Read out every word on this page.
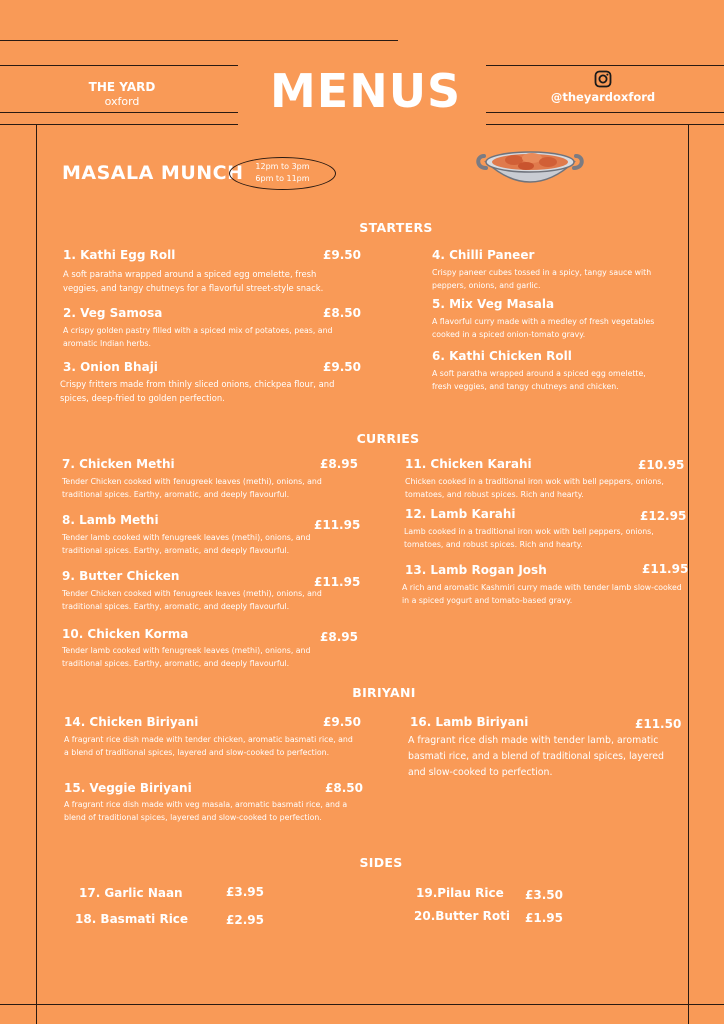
THE YARD
oxford	MENUS	@theyardoxford
MASALA MUNCH	12pm to 3pm
6pm to 11pm
STARTERS
1. Kathi Egg Roll	£9.50
A soft paratha wrapped around a spiced egg omelette, fresh veggies, and tangy chutneys for a flavorful street-style snack.
2. Veg Samosa	£8.50
A crispy golden pastry filled with a spiced mix of potatoes, peas, and aromatic Indian herbs.
3. Onion Bhaji	£9.50
Crispy fritters made from thinly sliced onions, chickpea flour, and spices, deep-fried to golden perfection.
4. Chilli Paneer
Crispy paneer cubes tossed in a spicy, tangy sauce with peppers, onions, and garlic.
5. Mix Veg Masala
A flavorful curry made with a medley of fresh vegetables cooked in a spiced onion-tomato gravy.
6. Kathi Chicken Roll
A soft paratha wrapped around a spiced egg omelette, fresh veggies, and tangy chutneys and chicken.
CURRIES
7. Chicken Methi	£8.95
Tender Chicken cooked with fenugreek leaves (methi), onions, and traditional spices. Earthy, aromatic, and deeply flavourful.
8. Lamb Methi	£11.95
Tender lamb cooked with fenugreek leaves (methi), onions, and traditional spices. Earthy, aromatic, and deeply flavourful.
9. Butter Chicken	£11.95
Tender Chicken cooked with fenugreek leaves (methi), onions, and traditional spices. Earthy, aromatic, and deeply flavourful.
10. Chicken Korma	£8.95
Tender lamb cooked with fenugreek leaves (methi), onions, and traditional spices. Earthy, aromatic, and deeply flavourful.
11. Chicken Karahi	£10.95
Chicken cooked in a traditional iron wok with bell peppers, onions, tomatoes, and robust spices. Rich and hearty.
12. Lamb Karahi	£12.95
Lamb cooked in a traditional iron wok with bell peppers, onions, tomatoes, and robust spices. Rich and hearty.
13. Lamb Rogan Josh	£11.95
A rich and aromatic Kashmiri curry made with tender lamb slow-cooked in a spiced yogurt and tomato-based gravy.
BIRIYANI
14. Chicken Biriyani	£9.50
A fragrant rice dish made with tender chicken, aromatic basmati rice, and a blend of traditional spices, layered and slow-cooked to perfection.
15. Veggie Biriyani	£8.50
A fragrant rice dish made with veg masala, aromatic basmati rice, and a blend of traditional spices, layered and slow-cooked to perfection.
16. Lamb Biriyani	£11.50
A fragrant rice dish made with tender lamb, aromatic basmati rice, and a blend of traditional spices, layered and slow-cooked to perfection.
SIDES
17. Garlic Naan	£3.95
18. Basmati Rice	£2.95
19.Pilau Rice £3.50
20.Butter Roti £1.95
